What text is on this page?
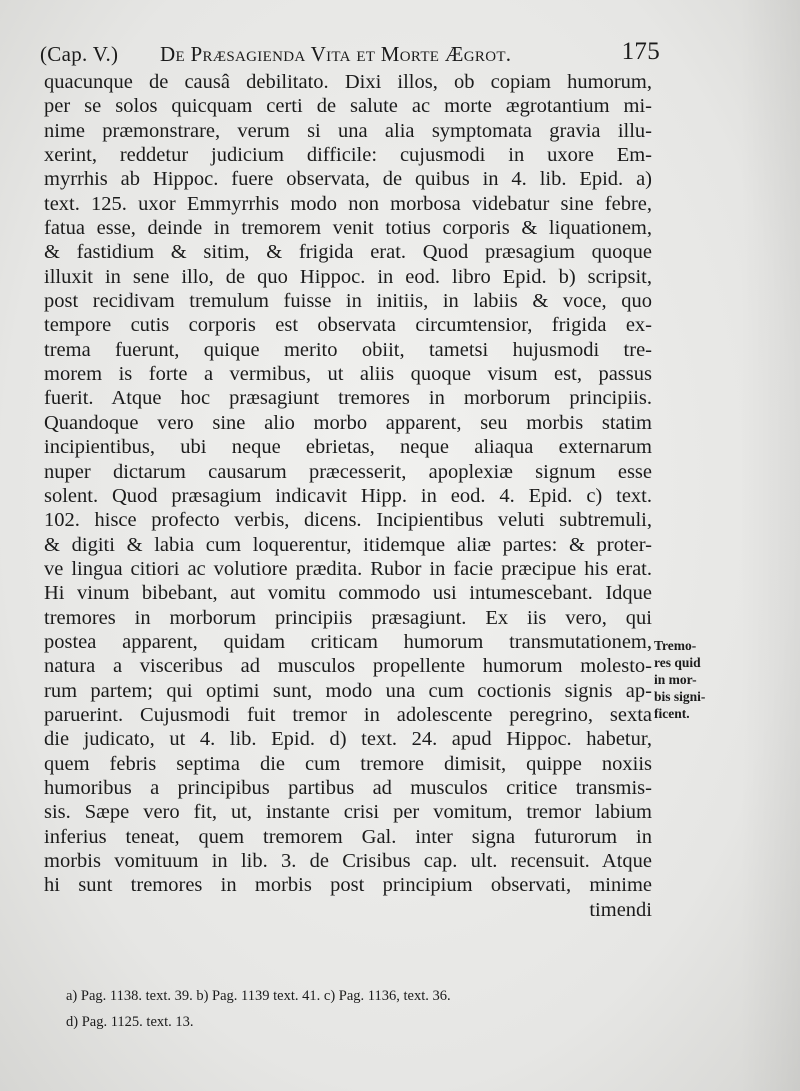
(Cap. V.) De Præsagienda Vita et Morte Ægrot.	175
quacunque de causâ debilitato. Dixi illos, ob copiam humorum,
per se solos quicquam certi de salute ac morte ægrotantium mi-
nime præmonstrare, verum si una alia symptomata gravia illu-
xerint, reddetur judicium difficile: cujusmodi in uxore Em-
myrrhis ab Hippoc. fuere observata, de quibus in 4. lib. Epid. a)
text. 125. uxor Emmyrrhis modo non morbosa videbatur sine febre,
fatua esse, deinde in tremorem venit totius corporis & liquationem,
& fastidium & sitim, & frigida erat. Quod præsagium quoque
illuxit in sene illo, de quo Hippoc. in eod. libro Epid. b) scripsit,
post recidivam tremulum fuisse in initiis, in labiis & voce, quo
tempore cutis corporis est observata circumtensior, frigida ex-
trema fuerunt, quique merito obiit, tametsi hujusmodi tre-
morem is forte a vermibus, ut aliis quoque visum est, passus
fuerit. Atque hoc præsagiunt tremores in morborum principiis.
Quandoque vero sine alio morbo apparent, seu morbis statim
incipientibus, ubi neque ebrietas, neque aliaqua externarum
nuper dictarum causarum præcesserit, apoplexiæ signum esse
solent. Quod præsagium indicavit Hipp. in eod. 4. Epid. c) text.
102. hisce profecto verbis, dicens. Incipientibus veluti subtremuli,
& digiti & labia cum loquerentur, itidemque aliæ partes: & proter-
ve lingua citiori ac volutiore prædita. Rubor in facie præcipue his erat.
Hi vinum bibebant, aut vomitu commodo usi intumescebant. Idque
tremores in morborum principiis præsagiunt. Ex iis vero, qui
postea apparent, quidam criticam humorum transmutationem,
natura a visceribus ad musculos propellente humorum molesto-
rum partem; qui optimi sunt, modo una cum coctionis signis ap-
paruerint. Cujusmodi fuit tremor in adolescente peregrino, sexta
die judicato, ut 4. lib. Epid. d) text. 24. apud Hippoc. habetur,
quem febris septima die cum tremore dimisit, quippe noxiis
humoribus a principibus partibus ad musculos critice transmis-
sis. Sæpe vero fit, ut, instante crisi per vomitum, tremor labium
inferius teneat, quem tremorem Gal. inter signa futurorum in
morbis vomituum in lib. 3. de Crisibus cap. ult. recensuit. Atque
hi sunt tremores in morbis post principium observati, minime
timendi
Tremo-
res quid
in mor-
bis signi-
ficent.
a) Pag. 1138. text. 39. b) Pag. 1139 text. 41. c) Pag. 1136, text. 36.
d) Pag. 1125. text. 13.
